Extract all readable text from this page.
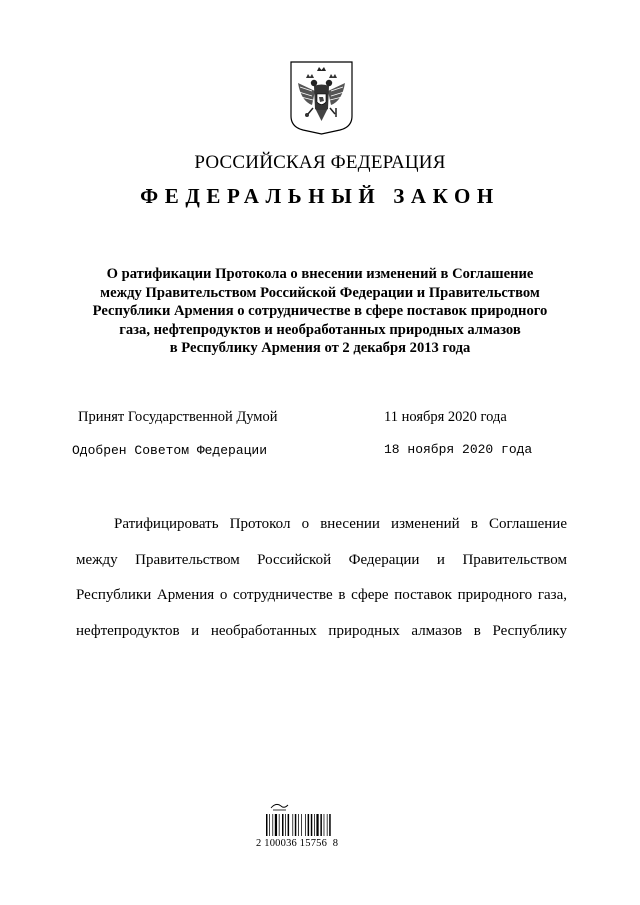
РОССИЙСКАЯ ФЕДЕРАЦИЯ
ФЕДЕРАЛЬНЫЙ ЗАКОН
О ратификации Протокола о внесении изменений в Соглашение
между Правительством Российской Федерации и Правительством
Республики Армения о сотрудничестве в сфере поставок природного
газа, нефтепродуктов и необработанных природных алмазов
в Республику Армения от 2 декабря 2013 года
Принят Государственной Думой	11 ноября 2020 года
Одобрен Советом Федерации	18 ноября 2020 года
Ратифицировать Протокол о внесении изменений в Соглашение
между Правительством Российской Федерации и Правительством
Республики Армения о сотрудничестве в сфере поставок природного газа,
нефтепродуктов и необработанных природных алмазов в Республику
2 100036 15756  8
